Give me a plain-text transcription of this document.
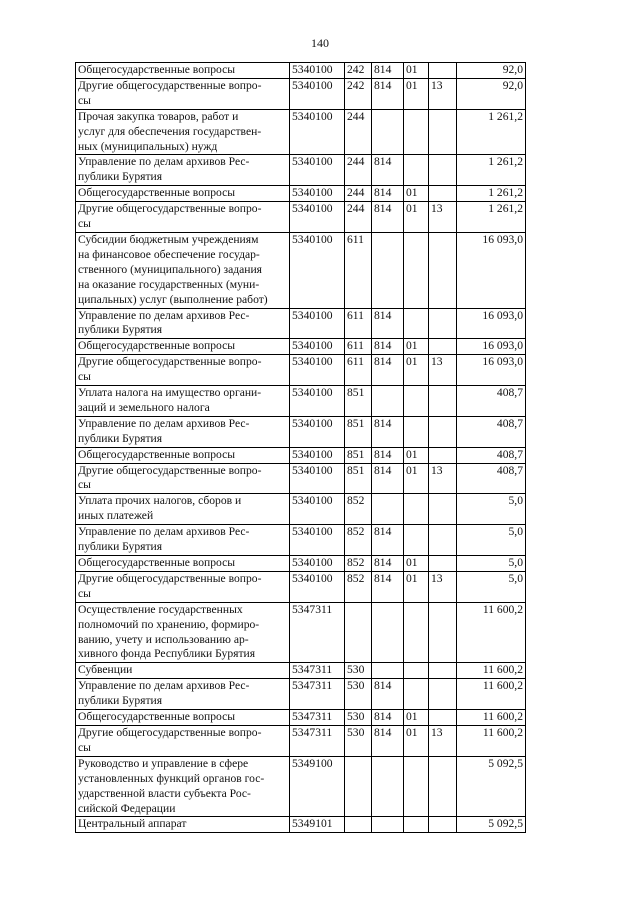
140
Общегосударственные вопросы	5340100	242	814	01		92,0
Другие общегосударственные вопро-
сы	5340100	242	814	01	13	92,0
Прочая закупка товаров, работ и
услуг для обеспечения государствен-
ных (муниципальных) нужд	5340100	244				1 261,2
Управление по делам архивов Рес-
публики Бурятия	5340100	244	814			1 261,2
Общегосударственные вопросы	5340100	244	814	01		1 261,2
Другие общегосударственные вопро-
сы	5340100	244	814	01	13	1 261,2
Субсидии бюджетным учреждениям
на финансовое обеспечение государ-
ственного (муниципального) задания
на оказание государственных (муни-
ципальных) услуг (выполнение работ)	5340100	611				16 093,0
Управление по делам архивов Рес-
публики Бурятия	5340100	611	814			16 093,0
Общегосударственные вопросы	5340100	611	814	01		16 093,0
Другие общегосударственные вопро-
сы	5340100	611	814	01	13	16 093,0
Уплата налога на имущество органи-
заций и земельного налога	5340100	851				408,7
Управление по делам архивов Рес-
публики Бурятия	5340100	851	814			408,7
Общегосударственные вопросы	5340100	851	814	01		408,7
Другие общегосударственные вопро-
сы	5340100	851	814	01	13	408,7
Уплата прочих налогов, сборов и
иных платежей	5340100	852				5,0
Управление по делам архивов Рес-
публики Бурятия	5340100	852	814			5,0
Общегосударственные вопросы	5340100	852	814	01		5,0
Другие общегосударственные вопро-
сы	5340100	852	814	01	13	5,0
Осуществление государственных
полномочий по хранению, формиро-
ванию, учету и использованию ар-
хивного фонда Республики Бурятия	5347311					11 600,2
Субвенции	5347311	530				11 600,2
Управление по делам архивов Рес-
публики Бурятия	5347311	530	814			11 600,2
Общегосударственные вопросы	5347311	530	814	01		11 600,2
Другие общегосударственные вопро-
сы	5347311	530	814	01	13	11 600,2
Руководство и управление в сфере
установленных функций органов гос-
ударственной власти субъекта Рос-
сийской Федерации	5349100					5 092,5
Центральный аппарат	5349101					5 092,5
